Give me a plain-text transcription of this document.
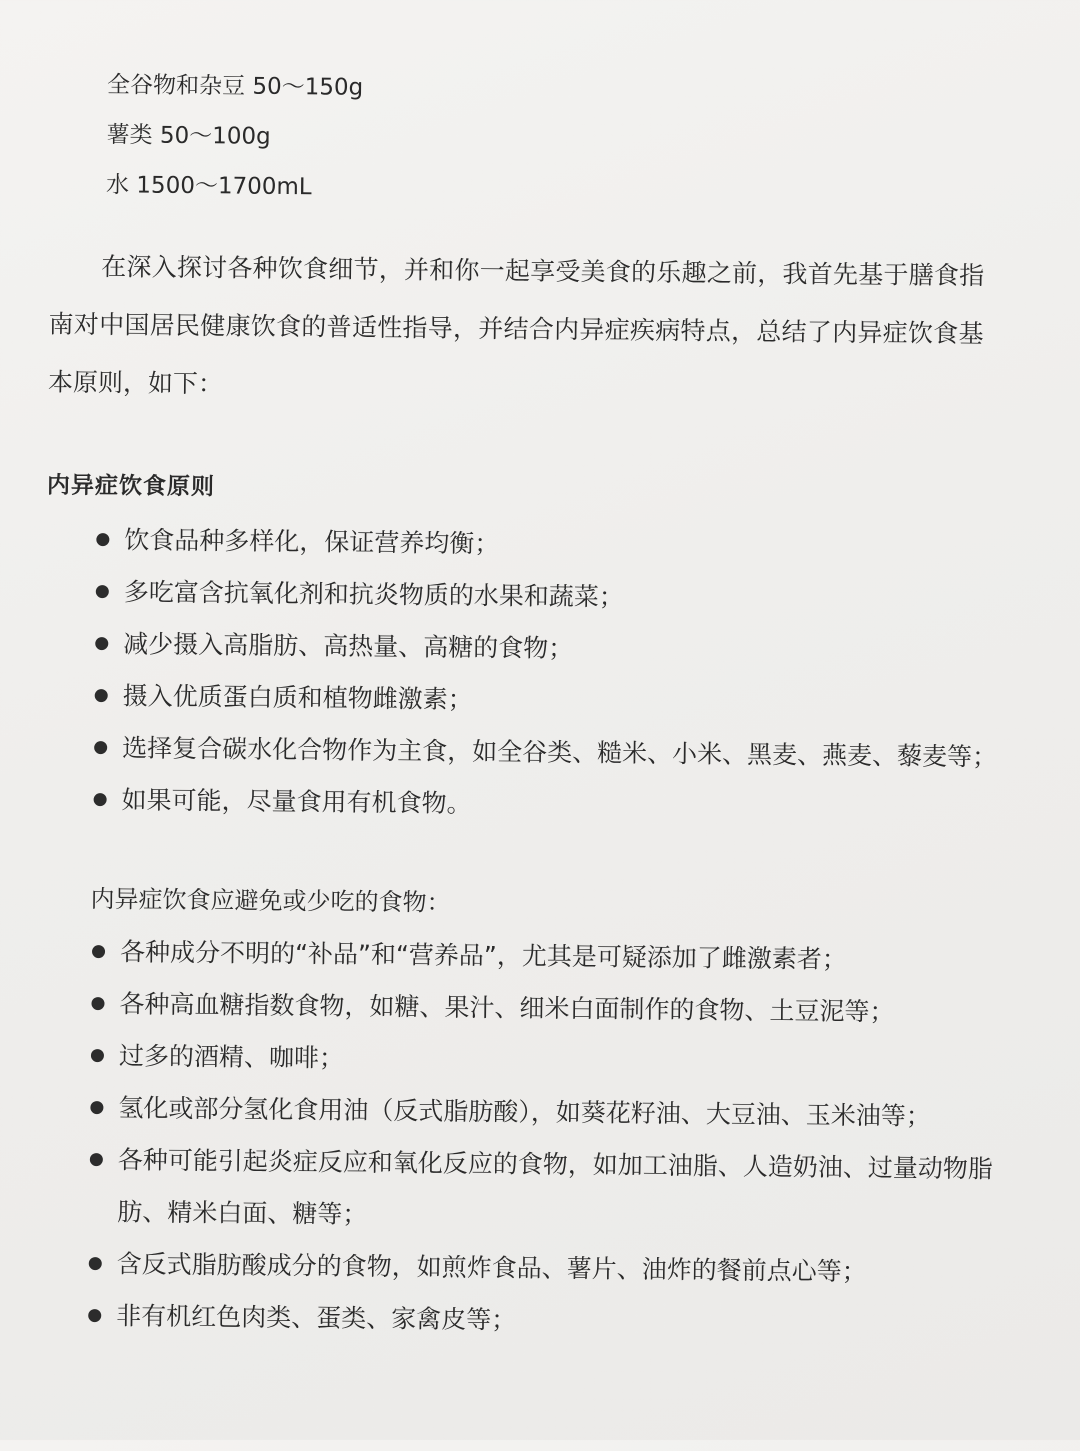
全谷物和杂豆 50～150g
薯类 50～100g
水 1500～1700mL

在深入探讨各种饮食细节，并和你一起享受美食的乐趣之前，我首先基于膳食指南对中国居民健康饮食的普适性指导，并结合内异症疾病特点，总结了内异症饮食基本原则，如下：

内异症饮食原则
饮食品种多样化，保证营养均衡；
多吃富含抗氧化剂和抗炎物质的水果和蔬菜；
减少摄入高脂肪、高热量、高糖的食物；
摄入优质蛋白质和植物雌激素；
选择复合碳水化合物作为主食，如全谷类、糙米、小米、黑麦、燕麦、藜麦等；
如果可能，尽量食用有机食物。
内异症饮食应避免或少吃的食物：
各种成分不明的“补品”和“营养品”，尤其是可疑添加了雌激素者；
各种高血糖指数食物，如糖、果汁、细米白面制作的食物、土豆泥等；
过多的酒精、咖啡；
氢化或部分氢化食用油（反式脂肪酸），如葵花籽油、大豆油、玉米油等；
各种可能引起炎症反应和氧化反应的食物，如加工油脂、人造奶油、过量动物脂肪、精米白面、糖等；
含反式脂肪酸成分的食物，如煎炸食品、薯片、油炸的餐前点心等；
非有机红色肉类、蛋类、家禽皮等；
